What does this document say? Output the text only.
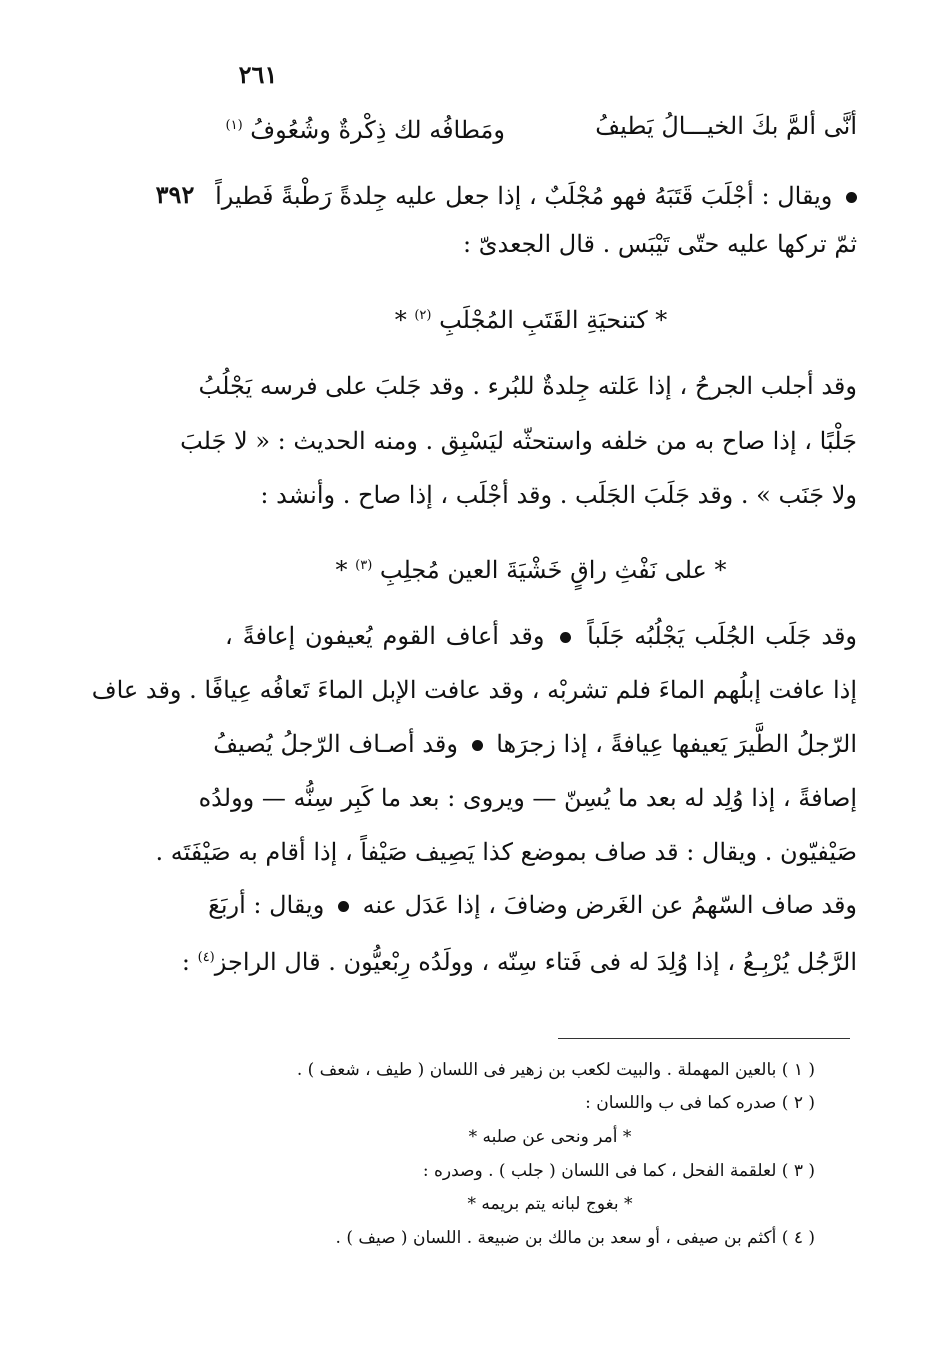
٢٦١
أنَّى ألمَّ بكَ الخيـــالُ يَطيفُ
ومَطافُه لك ذِكْرةٌ وشُعُوفُ $^{(١)}$
٣٩٢ ويقال : أجْلَبَ قَتَبَهُ فهو مُجْلَبٌ ، إذا جعل عليه جِلدةً رَطْبةً فَطيراً
ثمّ تركها عليه حتّى تَيْبَس . قال الجعدىّ :
* كتنحيَةِ القَتَبِ المُجْلَبِ $^{(٢)}$ *
وقد أجلب الجرحُ ، إذا عَلته جِلدةٌ للبُرء . وقد جَلبَ على فرسه يَجْلُبُ
جَلْبًا ، إذا صاح به من خلفه واستحثّه ليَسْبِق . ومنه الحديث : « لا جَلبَ
ولا جَنَب » . وقد جَلَبَ الجَلَب . وقد أجْلَب ، إذا صاح . وأنشد :
* على نَفْثِ راقٍ خَشْيَةَ العين مُجلِبِ $^{(٣)}$ *
وقد جَلَب الجُلَب يَجْلُبُه جَلَباً  وقد أعاف القوم يُعيفون إعافةً ،
إذا عافت إبلُهم الماءَ فلم تشربْه ، وقد عافت الإبل الماءَ تَعافُه عِيافًا . وقد عاف
الرّجلُ الطَّيرَ يَعيفها عِيافةً ، إذا زجرَها  وقد أصـاف الرّجلُ يُصيفُ
إصافةً ، إذا وُلِد له بعد ما يُسِنّ — ويروى : بعد ما كَبِر سِنُّه — وولدُه
صَيْفيّون . ويقال : قد صاف بموضع كذا يَصِيف صَيْفاً ، إذا أقام به صَيْفَتَه .
وقد صاف السّهمُ عن الغَرض وضافَ ، إذا عَدَل عنه  ويقال : أربَعَ
الرَّجُل يُرْبِـعُ ، إذا وُلِدَ له فى فَتاء سِنّه ، وولَدُه رِبْعيُّون . قال الراجز$^{(٤)}$ :
( ١ ) بالعين المهملة . والبيت لكعب بن زهير فى اللسان ( طيف ، شعف ) .
( ٢ ) صدره كما فى ب واللسان :
* أمر ونحى عن صلبه *
( ٣ ) لعلقمة الفحل ، كما فى اللسان ( جلب ) . وصدره :
* بغوج لبانه يتم بريمه *
( ٤ ) أكثم بن صيفى ، أو سعد بن مالك بن ضبيعة . اللسان ( صيف ) .
